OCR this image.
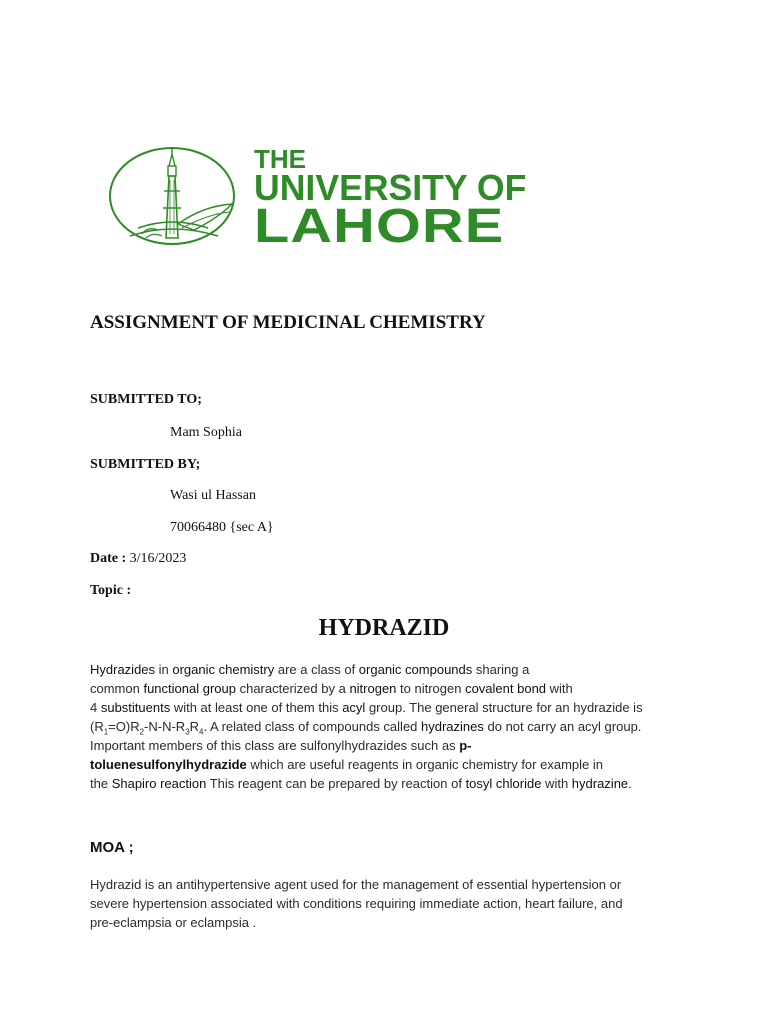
THE
UNIVERSITY OF
LAHORE
ASSIGNMENT OF MEDICINAL CHEMISTRY
SUBMITTED TO;
Mam Sophia
SUBMITTED BY;
Wasi ul Hassan
70066480 {sec A}
Date : 3/16/2023
Topic :
HYDRAZID
Hydrazides in organic chemistry are a class of organic compounds sharing a
common functional group characterized by a nitrogen to nitrogen covalent bond with
4 substituents with at least one of them this acyl group. The general structure for an hydrazide is
$(R_1=O)R_2-N-N-R_3R_4$. A related class of compounds called hydrazines do not carry an acyl group.
Important members of this class are sulfonylhydrazides such as p-
toluenesulfonylhydrazide which are useful reagents in organic chemistry for example in
the Shapiro reaction This reagent can be prepared by reaction of tosyl chloride with hydrazine.
MOA ;
Hydrazid is an antihypertensive agent used for the management of essential hypertension or
severe hypertension associated with conditions requiring immediate action, heart failure, and
pre-eclampsia or eclampsia .
